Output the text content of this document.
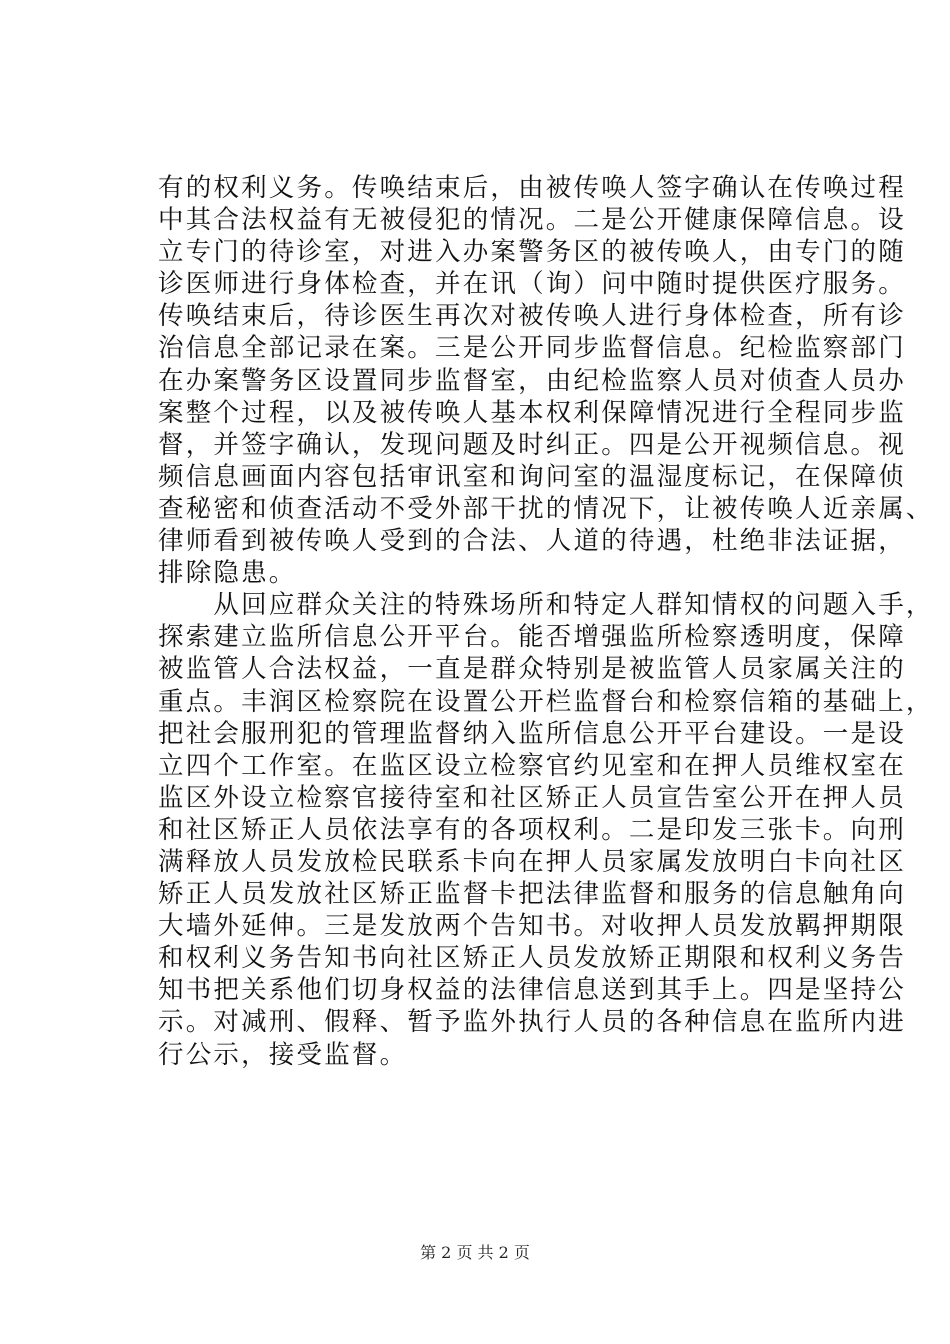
有的权利义务。传唤结束后，由被传唤人签字确认在传唤过程
中其合法权益有无被侵犯的情况。二是公开健康保障信息。设
立专门的待诊室，对进入办案警务区的被传唤人，由专门的随
诊医师进行身体检查，并在讯（询）问中随时提供医疗服务。
传唤结束后，待诊医生再次对被传唤人进行身体检查，所有诊
治信息全部记录在案。三是公开同步监督信息。纪检监察部门
在办案警务区设置同步监督室，由纪检监察人员对侦查人员办
案整个过程，以及被传唤人基本权利保障情况进行全程同步监
督，并签字确认，发现问题及时纠正。四是公开视频信息。视
频信息画面内容包括审讯室和询问室的温湿度标记，在保障侦
查秘密和侦查活动不受外部干扰的情况下，让被传唤人近亲属、
律师看到被传唤人受到的合法、人道的待遇，杜绝非法证据，
排除隐患。
　　从回应群众关注的特殊场所和特定人群知情权的问题入手，
探索建立监所信息公开平台。能否增强监所检察透明度，保障
被监管人合法权益，一直是群众特别是被监管人员家属关注的
重点。丰润区检察院在设置公开栏监督台和检察信箱的基础上，
把社会服刑犯的管理监督纳入监所信息公开平台建设。一是设
立四个工作室。在监区设立检察官约见室和在押人员维权室在
监区外设立检察官接待室和社区矫正人员宣告室公开在押人员
和社区矫正人员依法享有的各项权利。二是印发三张卡。向刑
满释放人员发放检民联系卡向在押人员家属发放明白卡向社区
矫正人员发放社区矫正监督卡把法律监督和服务的信息触角向
大墙外延伸。三是发放两个告知书。对收押人员发放羁押期限
和权利义务告知书向社区矫正人员发放矫正期限和权利义务告
知书把关系他们切身权益的法律信息送到其手上。四是坚持公
示。对减刑、假释、暂予监外执行人员的各种信息在监所内进
行公示，接受监督。
第 2 页 共 2 页
